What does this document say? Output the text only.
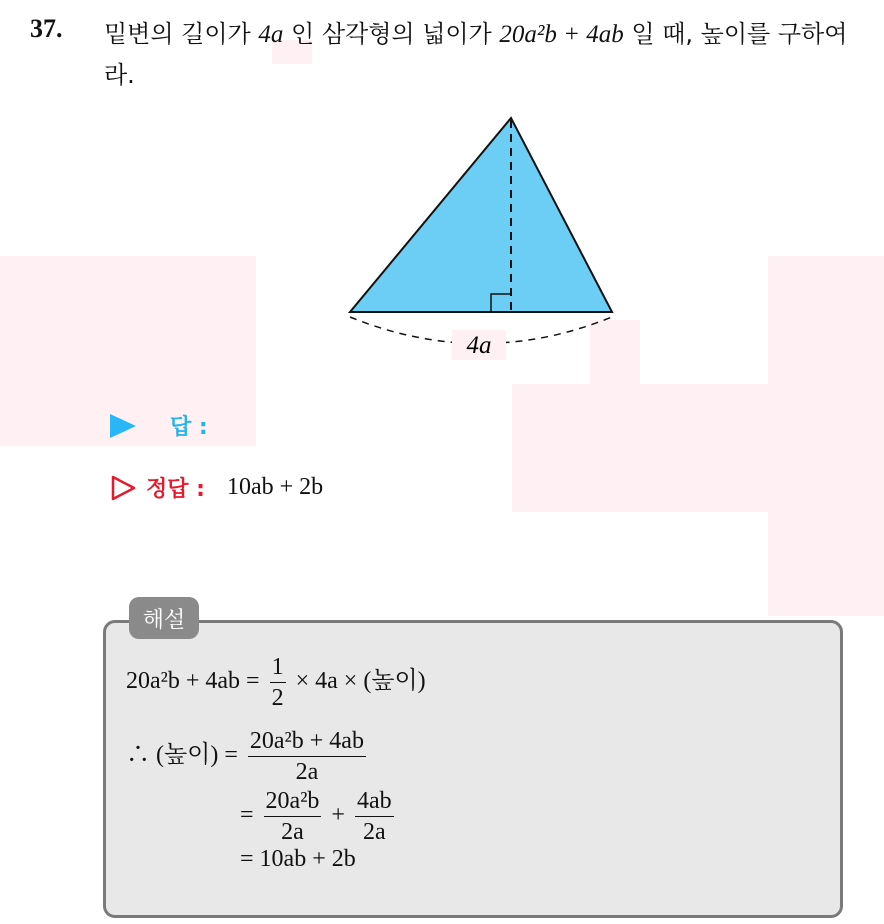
37. 밑변의 길이가 4a 인 삼각형의 넓이가 20a²b + 4ab 일 때, 높이를 구하여라.
4a
답 :
정답 : 10ab + 2b
해설
$20a^2b + 4ab = \frac{1}{2} \times 4a$ × (높이)
∴ (높이) = $\frac{\text{20a²b + 4ab}}{2a}$
= $\frac{\text{20a²b}}{2a} + \frac{4ab}{2a}$
= 10ab + 2b
